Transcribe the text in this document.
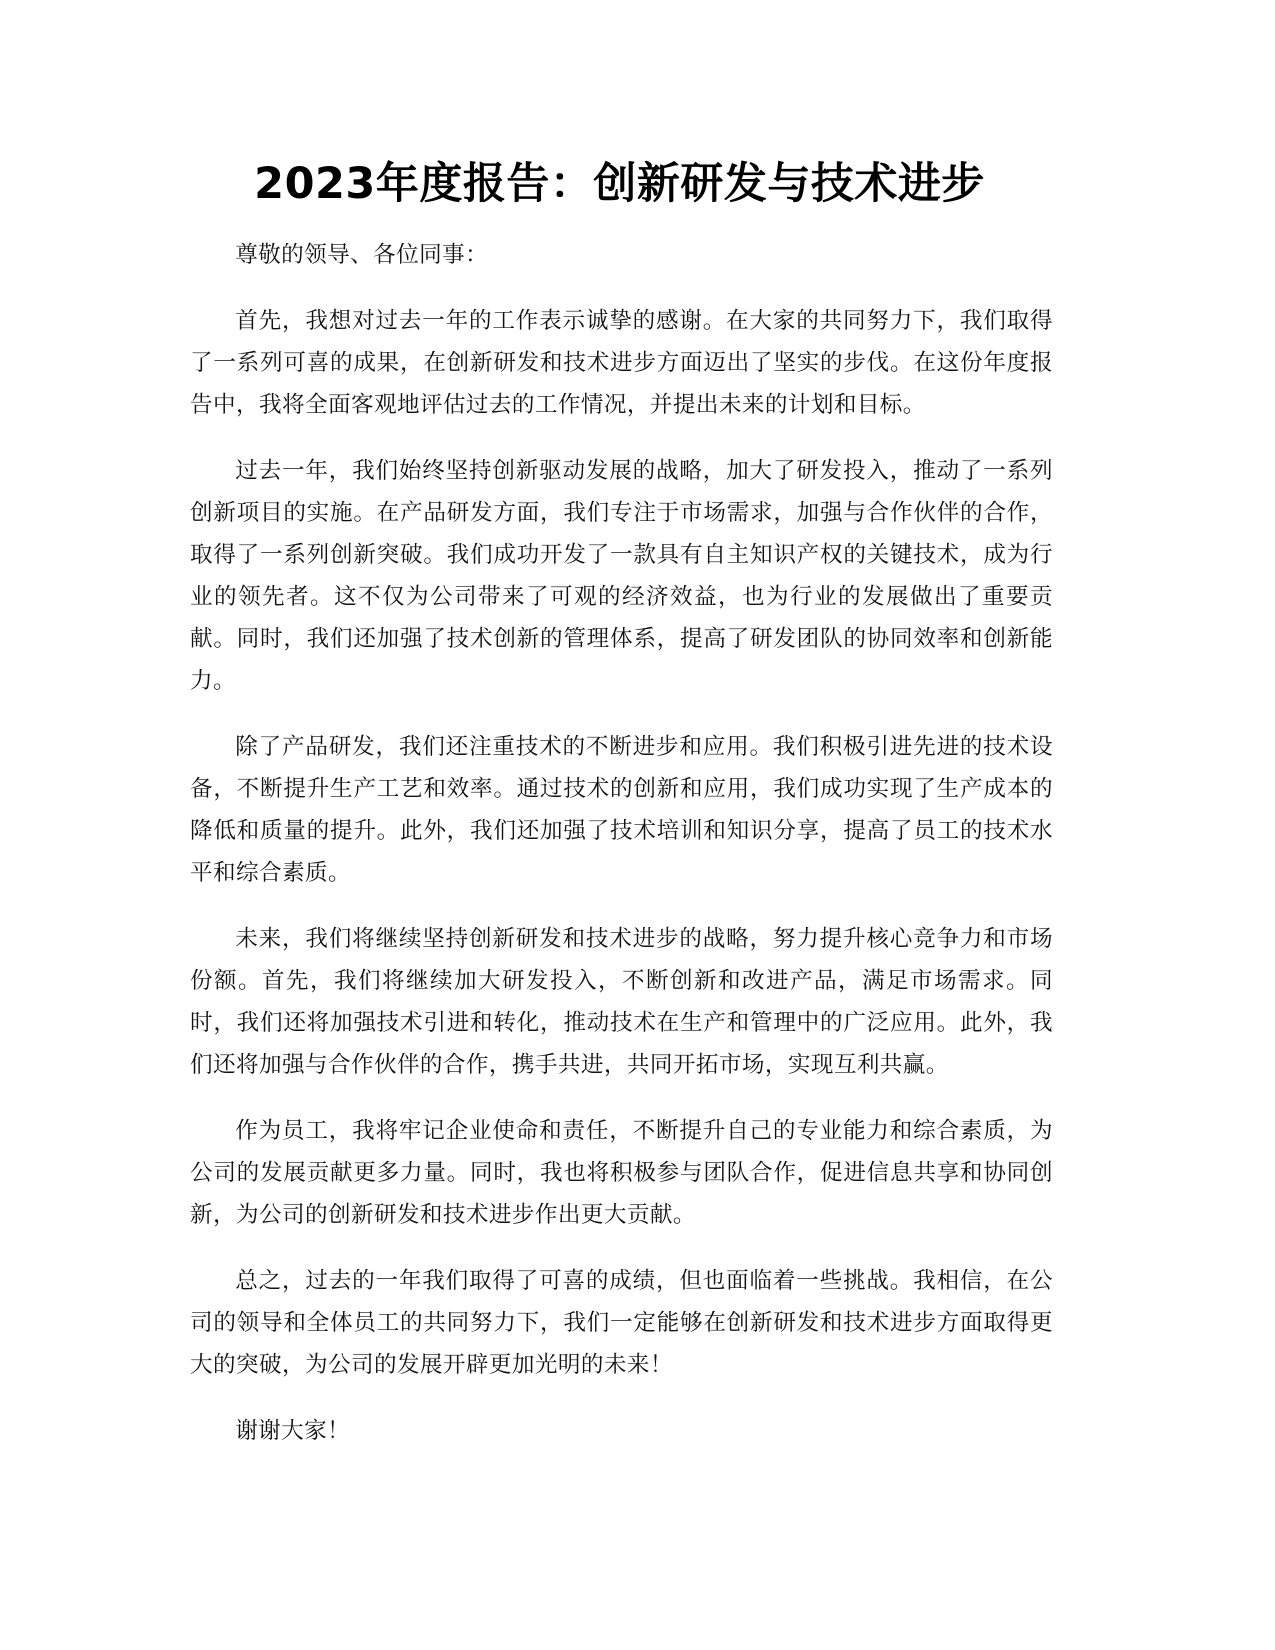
2023年度报告：创新研发与技术进步

尊敬的领导、各位同事：

首先，我想对过去一年的工作表示诚挚的感谢。在大家的共同努力下，我们取得了一系列可喜的成果，在创新研发和技术进步方面迈出了坚实的步伐。在这份年度报告中，我将全面客观地评估过去的工作情况，并提出未来的计划和目标。

过去一年，我们始终坚持创新驱动发展的战略，加大了研发投入，推动了一系列创新项目的实施。在产品研发方面，我们专注于市场需求，加强与合作伙伴的合作，取得了一系列创新突破。我们成功开发了一款具有自主知识产权的关键技术，成为行业的领先者。这不仅为公司带来了可观的经济效益，也为行业的发展做出了重要贡献。同时，我们还加强了技术创新的管理体系，提高了研发团队的协同效率和创新能力。

除了产品研发，我们还注重技术的不断进步和应用。我们积极引进先进的技术设备，不断提升生产工艺和效率。通过技术的创新和应用，我们成功实现了生产成本的降低和质量的提升。此外，我们还加强了技术培训和知识分享，提高了员工的技术水平和综合素质。

未来，我们将继续坚持创新研发和技术进步的战略，努力提升核心竞争力和市场份额。首先，我们将继续加大研发投入，不断创新和改进产品，满足市场需求。同时，我们还将加强技术引进和转化，推动技术在生产和管理中的广泛应用。此外，我们还将加强与合作伙伴的合作，携手共进，共同开拓市场，实现互利共赢。

作为员工，我将牢记企业使命和责任，不断提升自己的专业能力和综合素质，为公司的发展贡献更多力量。同时，我也将积极参与团队合作，促进信息共享和协同创新，为公司的创新研发和技术进步作出更大贡献。

总之，过去的一年我们取得了可喜的成绩，但也面临着一些挑战。我相信，在公司的领导和全体员工的共同努力下，我们一定能够在创新研发和技术进步方面取得更大的突破，为公司的发展开辟更加光明的未来！

谢谢大家！
